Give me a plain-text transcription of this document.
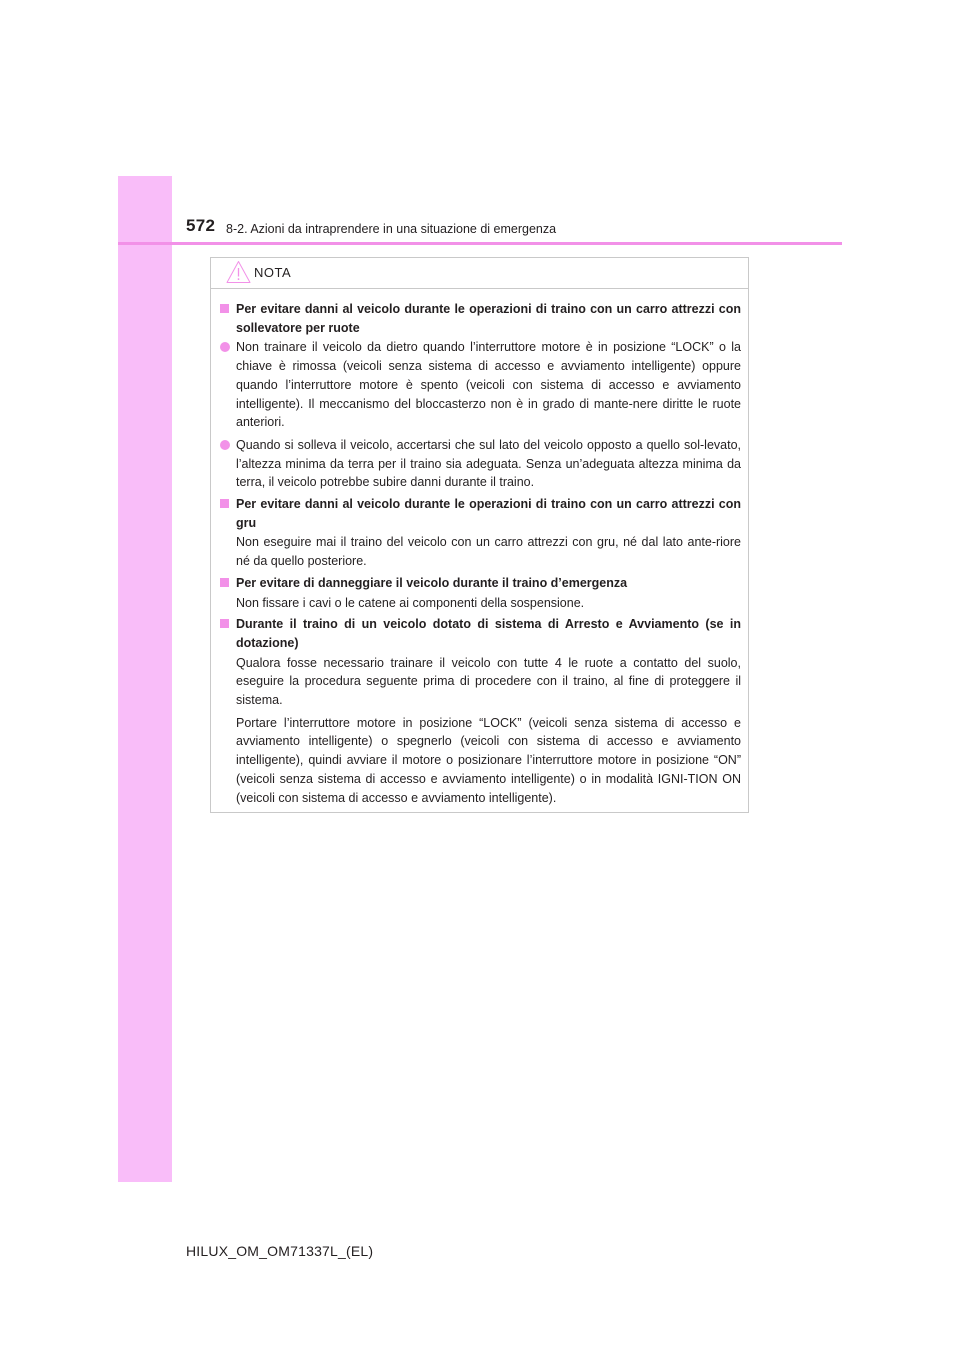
572 8-2. Azioni da intraprendere in una situazione di emergenza
NOTA
Per evitare danni al veicolo durante le operazioni di traino con un carro attrezzi con sollevatore per ruote
Non trainare il veicolo da dietro quando l’interruttore motore è in posizione “LOCK” o la chiave è rimossa (veicoli senza sistema di accesso e avviamento intelligente) oppure quando l’interruttore motore è spento (veicoli con sistema di accesso e avviamento intelligente). Il meccanismo del bloccasterzo non è in grado di mante-nere diritte le ruote anteriori.
Quando si solleva il veicolo, accertarsi che sul lato del veicolo opposto a quello sol-levato, l’altezza minima da terra per il traino sia adeguata. Senza un’adeguata altezza minima da terra, il veicolo potrebbe subire danni durante il traino.
Per evitare danni al veicolo durante le operazioni di traino con un carro attrezzi con gru
Non eseguire mai il traino del veicolo con un carro attrezzi con gru, né dal lato ante-riore né da quello posteriore.
Per evitare di danneggiare il veicolo durante il traino d’emergenza
Non fissare i cavi o le catene ai componenti della sospensione.
Durante il traino di un veicolo dotato di sistema di Arresto e Avviamento (se in dotazione)
Qualora fosse necessario trainare il veicolo con tutte 4 le ruote a contatto del suolo, eseguire la procedura seguente prima di procedere con il traino, al fine di proteggere il sistema.
Portare l’interruttore motore in posizione “LOCK” (veicoli senza sistema di accesso e avviamento intelligente) o spegnerlo (veicoli con sistema di accesso e avviamento intelligente), quindi avviare il motore o posizionare l’interruttore motore in posizione “ON” (veicoli senza sistema di accesso e avviamento intelligente) o in modalità IGNI-TION ON (veicoli con sistema di accesso e avviamento intelligente).
HILUX_OM_OM71337L_(EL)
